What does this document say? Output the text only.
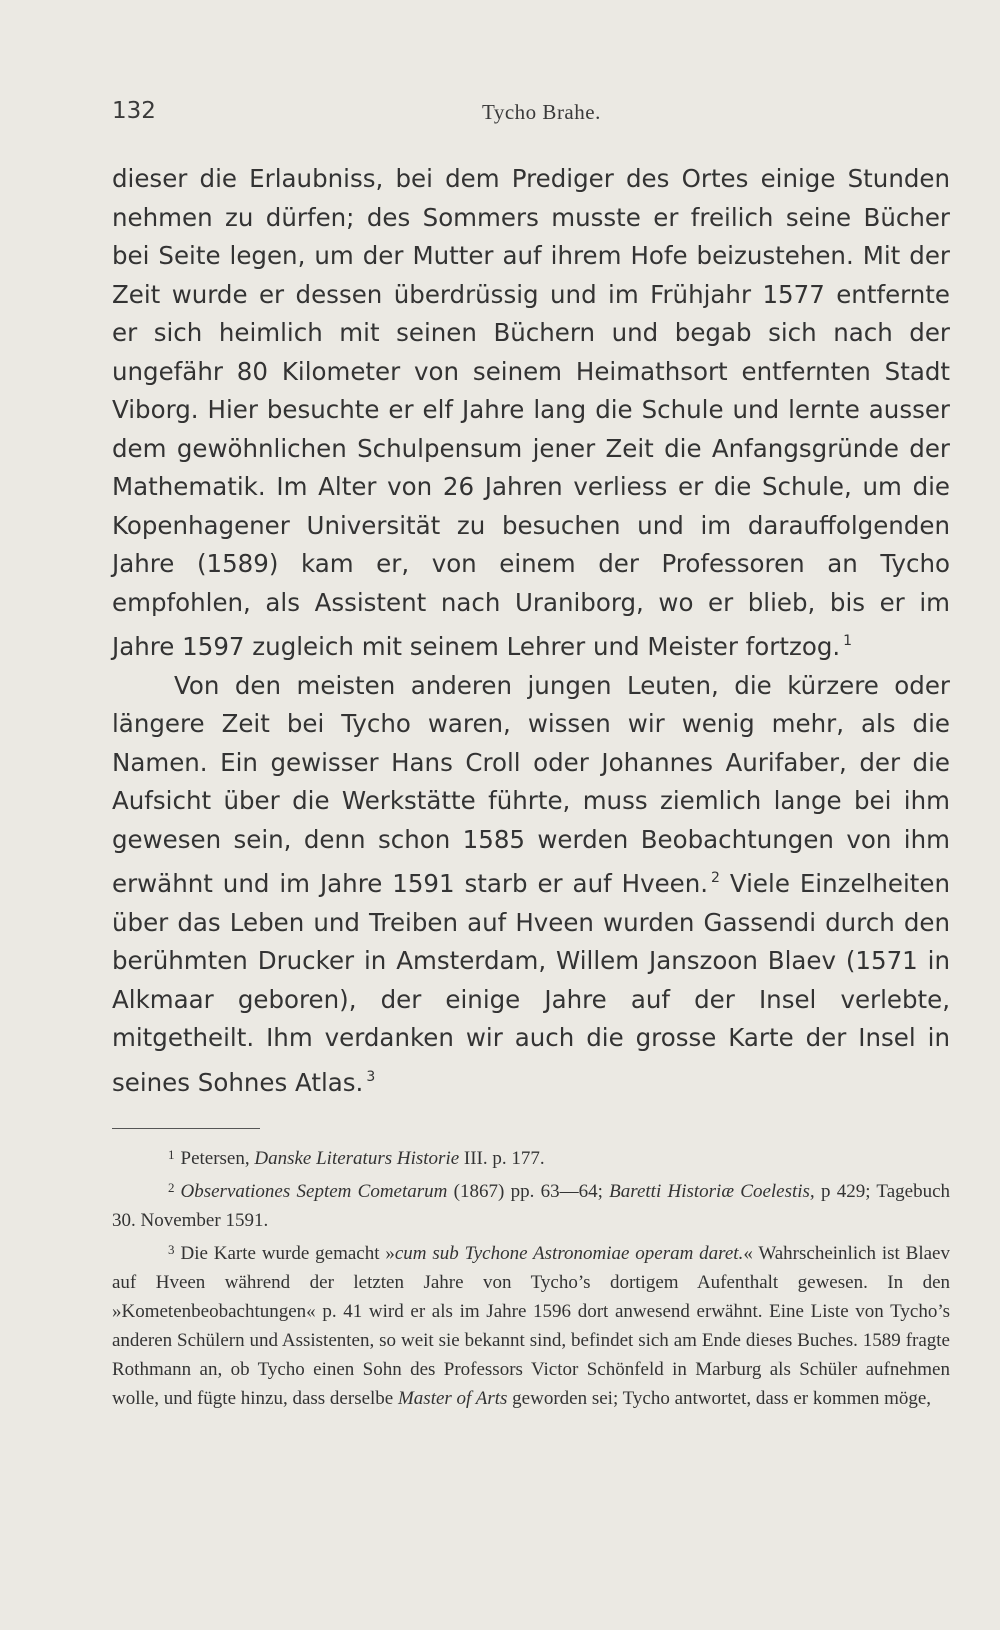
132	Tycho Brahe.

dieser die Erlaubniss, bei dem Prediger des Ortes einige Stunden nehmen zu dürfen; des Sommers musste er freilich seine Bücher bei Seite legen, um der Mutter auf ihrem Hofe beizustehen. Mit der Zeit wurde er dessen überdrüssig und im Frühjahr 1577 entfernte er sich heimlich mit seinen Büchern und begab sich nach der ungefähr 80 Kilometer von seinem Heimathsort entfernten Stadt Viborg. Hier besuchte er elf Jahre lang die Schule und lernte ausser dem gewöhnlichen Schulpensum jener Zeit die Anfangsgründe der Mathematik. Im Alter von 26 Jahren verliess er die Schule, um die Kopenhagener Universität zu besuchen und im darauffolgenden Jahre (1589) kam er, von einem der Professoren an Tycho empfohlen, als Assistent nach Uraniborg, wo er blieb, bis er im Jahre 1597 zugleich mit seinem Lehrer und Meister fortzog. $^1$

Von den meisten anderen jungen Leuten, die kürzere oder längere Zeit bei Tycho waren, wissen wir wenig mehr, als die Namen. Ein gewisser Hans Croll oder Johannes Aurifaber, der die Aufsicht über die Werkstätte führte, muss ziemlich lange bei ihm gewesen sein, denn schon 1585 werden Beobachtungen von ihm erwähnt und im Jahre 1591 starb er auf Hveen. $^2$ Viele Einzelheiten über das Leben und Treiben auf Hveen wurden Gassendi durch den berühmten Drucker in Amsterdam, Willem Janszoon Blaev (1571 in Alkmaar geboren), der einige Jahre auf der Insel verlebte, mitgetheilt. Ihm verdanken wir auch die grosse Karte der Insel in seines Sohnes Atlas. $^3$

$^1$ Petersen, Danske Literaturs Historie III. p. 177.

$^2$ Observationes Septem Cometarum (1867) pp. 63—64; Baretti Historiæ Coelestis, p 429; Tagebuch 30. November 1591.

$^3$ Die Karte wurde gemacht »cum sub Tychone Astronomiae operam daret.« Wahrscheinlich ist Blaev auf Hveen während der letzten Jahre von Tycho’s dortigem Aufenthalt gewesen. In den »Kometenbeobachtungen« p. 41 wird er als im Jahre 1596 dort anwesend erwähnt. Eine Liste von Tycho’s anderen Schülern und Assistenten, so weit sie bekannt sind, befindet sich am Ende dieses Buches. 1589 fragte Rothmann an, ob Tycho einen Sohn des Professors Victor Schönfeld in Marburg als Schüler aufnehmen wolle, und fügte hinzu, dass derselbe Master of Arts geworden sei; Tycho antwortet, dass er kommen möge,
